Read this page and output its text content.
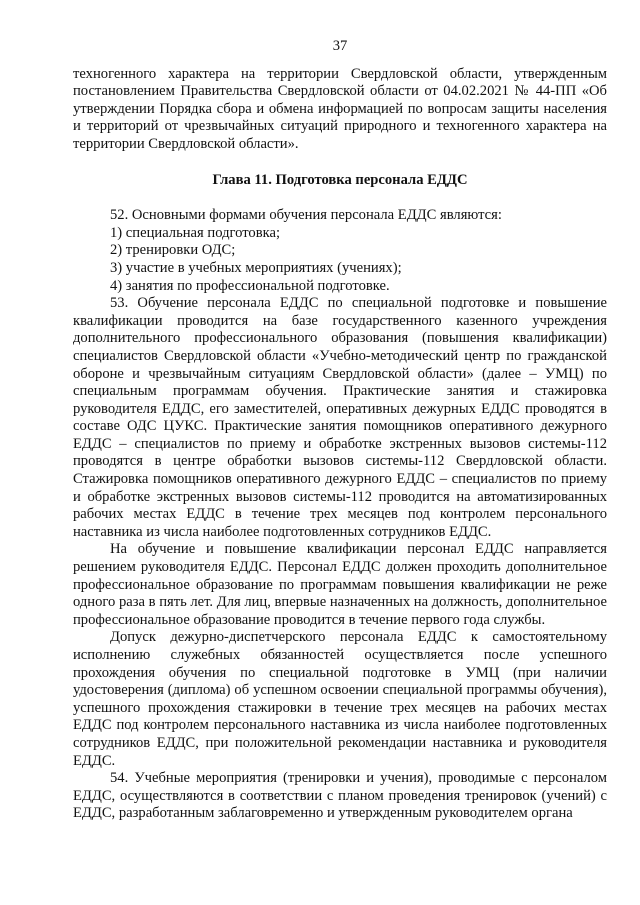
37

техногенного характера на территории Свердловской области, утвержденным постановлением Правительства Свердловской области от 04.02.2021 № 44-ПП «Об утверждении Порядка сбора и обмена информацией по вопросам защиты населения и территорий от чрезвычайных ситуаций природного и техногенного характера на территории Свердловской области».

Глава 11. Подготовка персонала ЕДДС

52. Основными формами обучения персонала ЕДДС являются:

1) специальная подготовка;

2) тренировки ОДС;

3) участие в учебных мероприятиях (учениях);

4) занятия по профессиональной подготовке.

53. Обучение персонала ЕДДС по специальной подготовке и повышение квалификации проводится на базе государственного казенного учреждения дополнительного профессионального образования (повышения квалификации) специалистов Свердловской области «Учебно-методический центр по гражданской обороне и чрезвычайным ситуациям Свердловской области» (далее – УМЦ) по специальным программам обучения. Практические занятия и стажировка руководителя ЕДДС, его заместителей, оперативных дежурных ЕДДС проводятся в составе ОДС ЦУКС. Практические занятия помощников оперативного дежурного ЕДДС – специалистов по приему и обработке экстренных вызовов системы-112 проводятся в центре обработки вызовов системы-112 Свердловской области. Стажировка помощников оперативного дежурного ЕДДС – специалистов по приему и обработке экстренных вызовов системы-112 проводится на автоматизированных рабочих местах ЕДДС в течение трех месяцев под контролем персонального наставника из числа наиболее подготовленных сотрудников ЕДДС.

На обучение и повышение квалификации персонал ЕДДС направляется решением руководителя ЕДДС. Персонал ЕДДС должен проходить дополнительное профессиональное образование по программам повышения квалификации не реже одного раза в пять лет. Для лиц, впервые назначенных на должность, дополнительное профессиональное образование проводится в течение первого года службы.

Допуск дежурно-диспетчерского персонала ЕДДС к самостоятельному исполнению служебных обязанностей осуществляется после успешного прохождения обучения по специальной подготовке в УМЦ (при наличии удостоверения (диплома) об успешном освоении специальной программы обучения), успешного прохождения стажировки в течение трех месяцев на рабочих местах ЕДДС под контролем персонального наставника из числа наиболее подготовленных сотрудников ЕДДС, при положительной рекомендации наставника и руководителя ЕДДС.

54. Учебные мероприятия (тренировки и учения), проводимые с персоналом ЕДДС, осуществляются в соответствии с планом проведения тренировок (учений) с ЕДДС, разработанным заблаговременно и утвержденным руководителем органа
